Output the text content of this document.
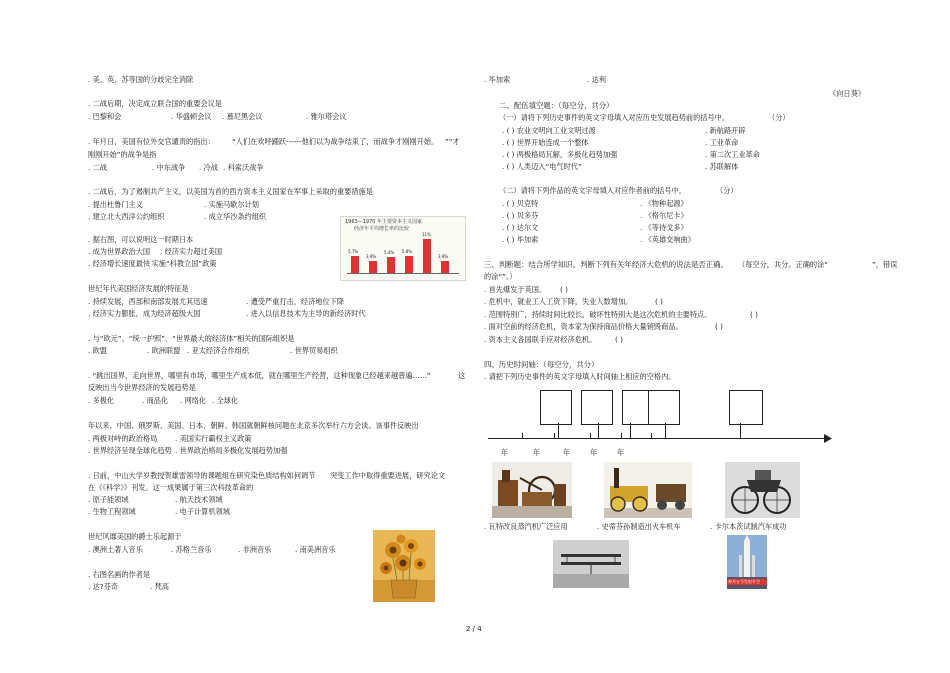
. 美、英、苏等国的分歧完全消除
. 二战后期，决定成立联合国的重要会议是
. 巴黎和会	. 华盛顿会议 . 慕尼黑会议	. 雅尔塔会议
. 年月日，美国有位外交官谴责的指出： “人们在欢呼踊跃------他们以为战争结束了，而战争才刚刚开始。 ”“才
刚刚开始”的战争是指
. 二战	. 中东战争 . 冷战 . 科索沃战争
. 二战后，为了遏制共产主义，以美国为首的西方资本主义国家在军事上采取的重要措施是
. 提出杜鲁门主义	. 实施马歇尔计划
. 建立北大西洋公约组织	. 成立华沙条约组织
1963—1970 年主要资本主义国家
经济年平均增长率的比较
5.7%
3.9%
5.4% 5.8%
11%
3.9%
. 据右图，可以说明这一时期日本
. 成为世界政治大国 . 经济实力超过美国
. 经济增长速度最快
. 实施“科教立国”政策
世纪年代美国经济发展的特征是
. 持续发展，西部和南部发展尤其迅速	. 遭受严重打击，经济地位下降
. 经济实力膨胀，成为经济超级大国	. 进入以信息技术为主导的新经济时代
. 与“欧元”、“统一护照”、“世界最大的经济体”相关的国际组织是
. 欧盟	. 欧洲联盟 . 亚太经济合作组织	. 世界贸易组织
. “跳出国界，走向世界，哪里有市场，哪里生产成本低，就在哪里生产经营，这种现象已经越来越普遍……”	这
反映出当今世界经济的发展趋势是
. 多极化	. 商品化 . 网络化 . 全球化
年以来，中国、俄罗斯、美国、日本、朝鲜、韩国就朝鲜核问题在北京多次举行六方会谈。该事件反映出
. 两极对峙的政治格局 . 美国实行霸权主义政策
. 世界经济呈现全球化趋势 . 世界政治格局多极化发展趋势加强
. 日前，中山大学岁教授贺雄雷领导的课题组在研究染色质结构如何调节 突变工作中取得重要进展，研究论文
在《《科学》》刊发。这一成果属于第三次科技革命的
. 原子能领域	. 航天技术领域
. 生物工程领域	. 电子计算机领域
世纪风靡美国的爵士乐起源于
. 澳洲土著人音乐	. 苏格兰音乐	. 非洲音乐	. 南美洲音乐
. 右图名画的作者是
. 达?芬奇	. 梵高
. 毕加索	. 达利
《向日葵》
二、配伍填空题：（每空分，共分）
（一）请将下列历史事件的英文字母填入对应历史发展趋势前的括号中。	（分）
. ( ) 农业文明向工业文明过渡	. 新航路开辟
. ( ) 世界开始连成一个整体	. 工业革命
. ( ) 两极格局瓦解，多极化趋势加强	. 第二次工业革命
. ( ) 人类迈入“电气时代”	. 苏联解体
（二）请将下列作品的英文字母填入对应作者前的括号中。	（分）
. ( ) 贝克特	. 《物种起源》
. ( ) 贝多芬	. 《格尔尼卡》
. ( ) 达尔文	. 《等待戈多》
. ( ) 毕加索	. 《英雄交响曲》
三、判断题：结合所学知识，判断下列有关年经济大危机的说法是否正确。 （每空分，共分。正确的涂“	”，错误
的涂“”。）
. 首先爆发于英国。 ( )
. 危机中，就业工人工资下降，失业人数增加。	( )
. 范围特别广，持续时间比较长，破坏性特别大是这次危机的主要特点。	( )
. 面对空前的经济危机，资本家为保持商品价格大量销毁商品。	( )
. 资本主义各国联手应对经济危机。	( )
四、历史时间轴：（每空分，共分）
. 请把下列历史事件的英文字母填入时间轴上相应的空格内。
年	年	年	年	年
. 瓦特改良蒸汽机广泛应用	. 史蒂芬孙制造出火车机车	. 卡尔本茨试制汽车成功
神舟五号发射升空
2 / 4
